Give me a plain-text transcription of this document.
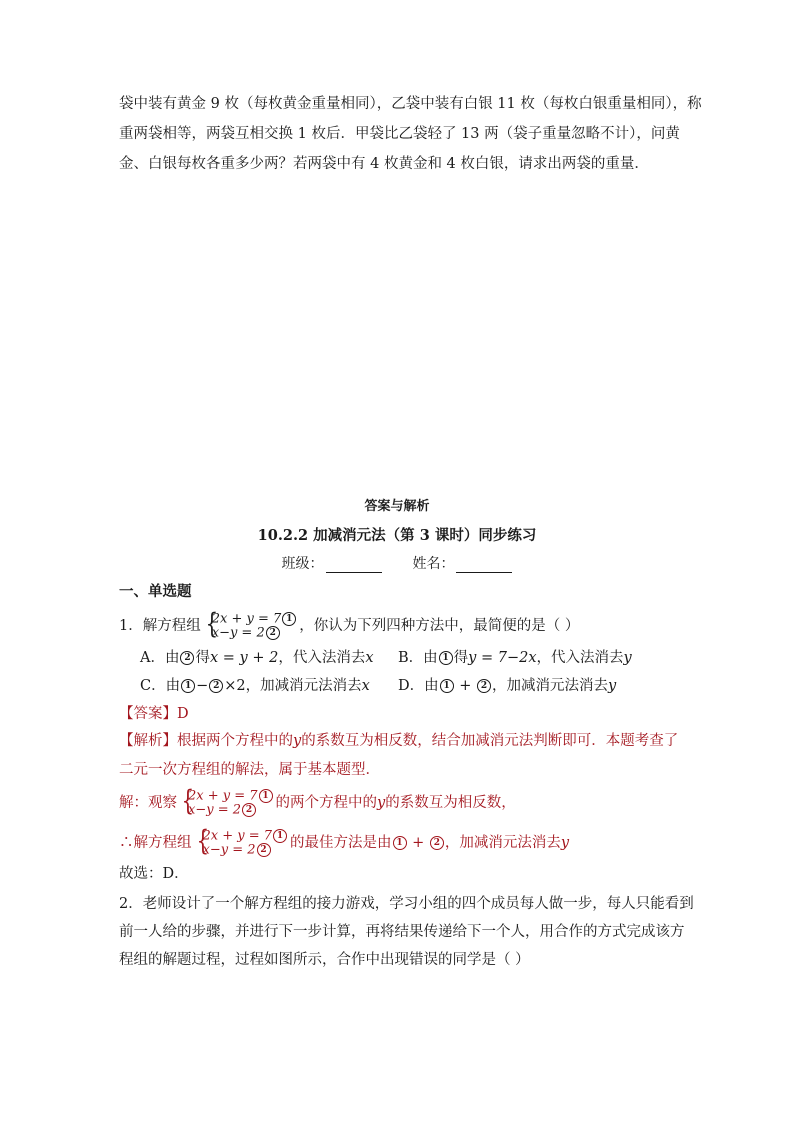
袋中装有黄金 9 枚（每枚黄金重量相同），乙袋中装有白银 11 枚（每枚白银重量相同），称
重两袋相等，两袋互相交换 1 枚后．甲袋比乙袋轻了 13 两（袋子重量忽略不计），问黄
金、白银每枚各重多少两？若两袋中有 4 枚黄金和 4 枚白银，请求出两袋的重量．
答案与解析
10.2.2 加减消元法（第 3 课时）同步练习
班级：	姓名：
一、单选题
1．解方程组 {
2x + y = 7 1
x−y = 2 2	，你认为下列四种方法中，最简便的是（ ）
A．由 2 得x = y + 2，代入法消去x	B．由 1 得y = 7−2x，代入法消去y
C．由 1 − 2 ×2，加减消元法消去x	D．由 1 + 2 ，加减消元法消去y
【答案】D
【解析】根据两个方程中的y的系数互为相反数，结合加减消元法判断即可．本题考查了
二元一次方程组的解法，属于基本题型．
解：观察 {
2x + y = 7 1
x−y = 2 2	的两个方程中的y的系数互为相反数，
∴解方程组 {
2x + y = 7 1
x−y = 2 2	的最佳方法是由 1 + 2 ，加减消元法消去y
故选：D．
2．老师设计了一个解方程组的接力游戏，学习小组的四个成员每人做一步，每人只能看到
前一人给的步骤，并进行下一步计算，再将结果传递给下一个人，用合作的方式完成该方
程组的解题过程，过程如图所示，合作中出现错误的同学是（ ）
